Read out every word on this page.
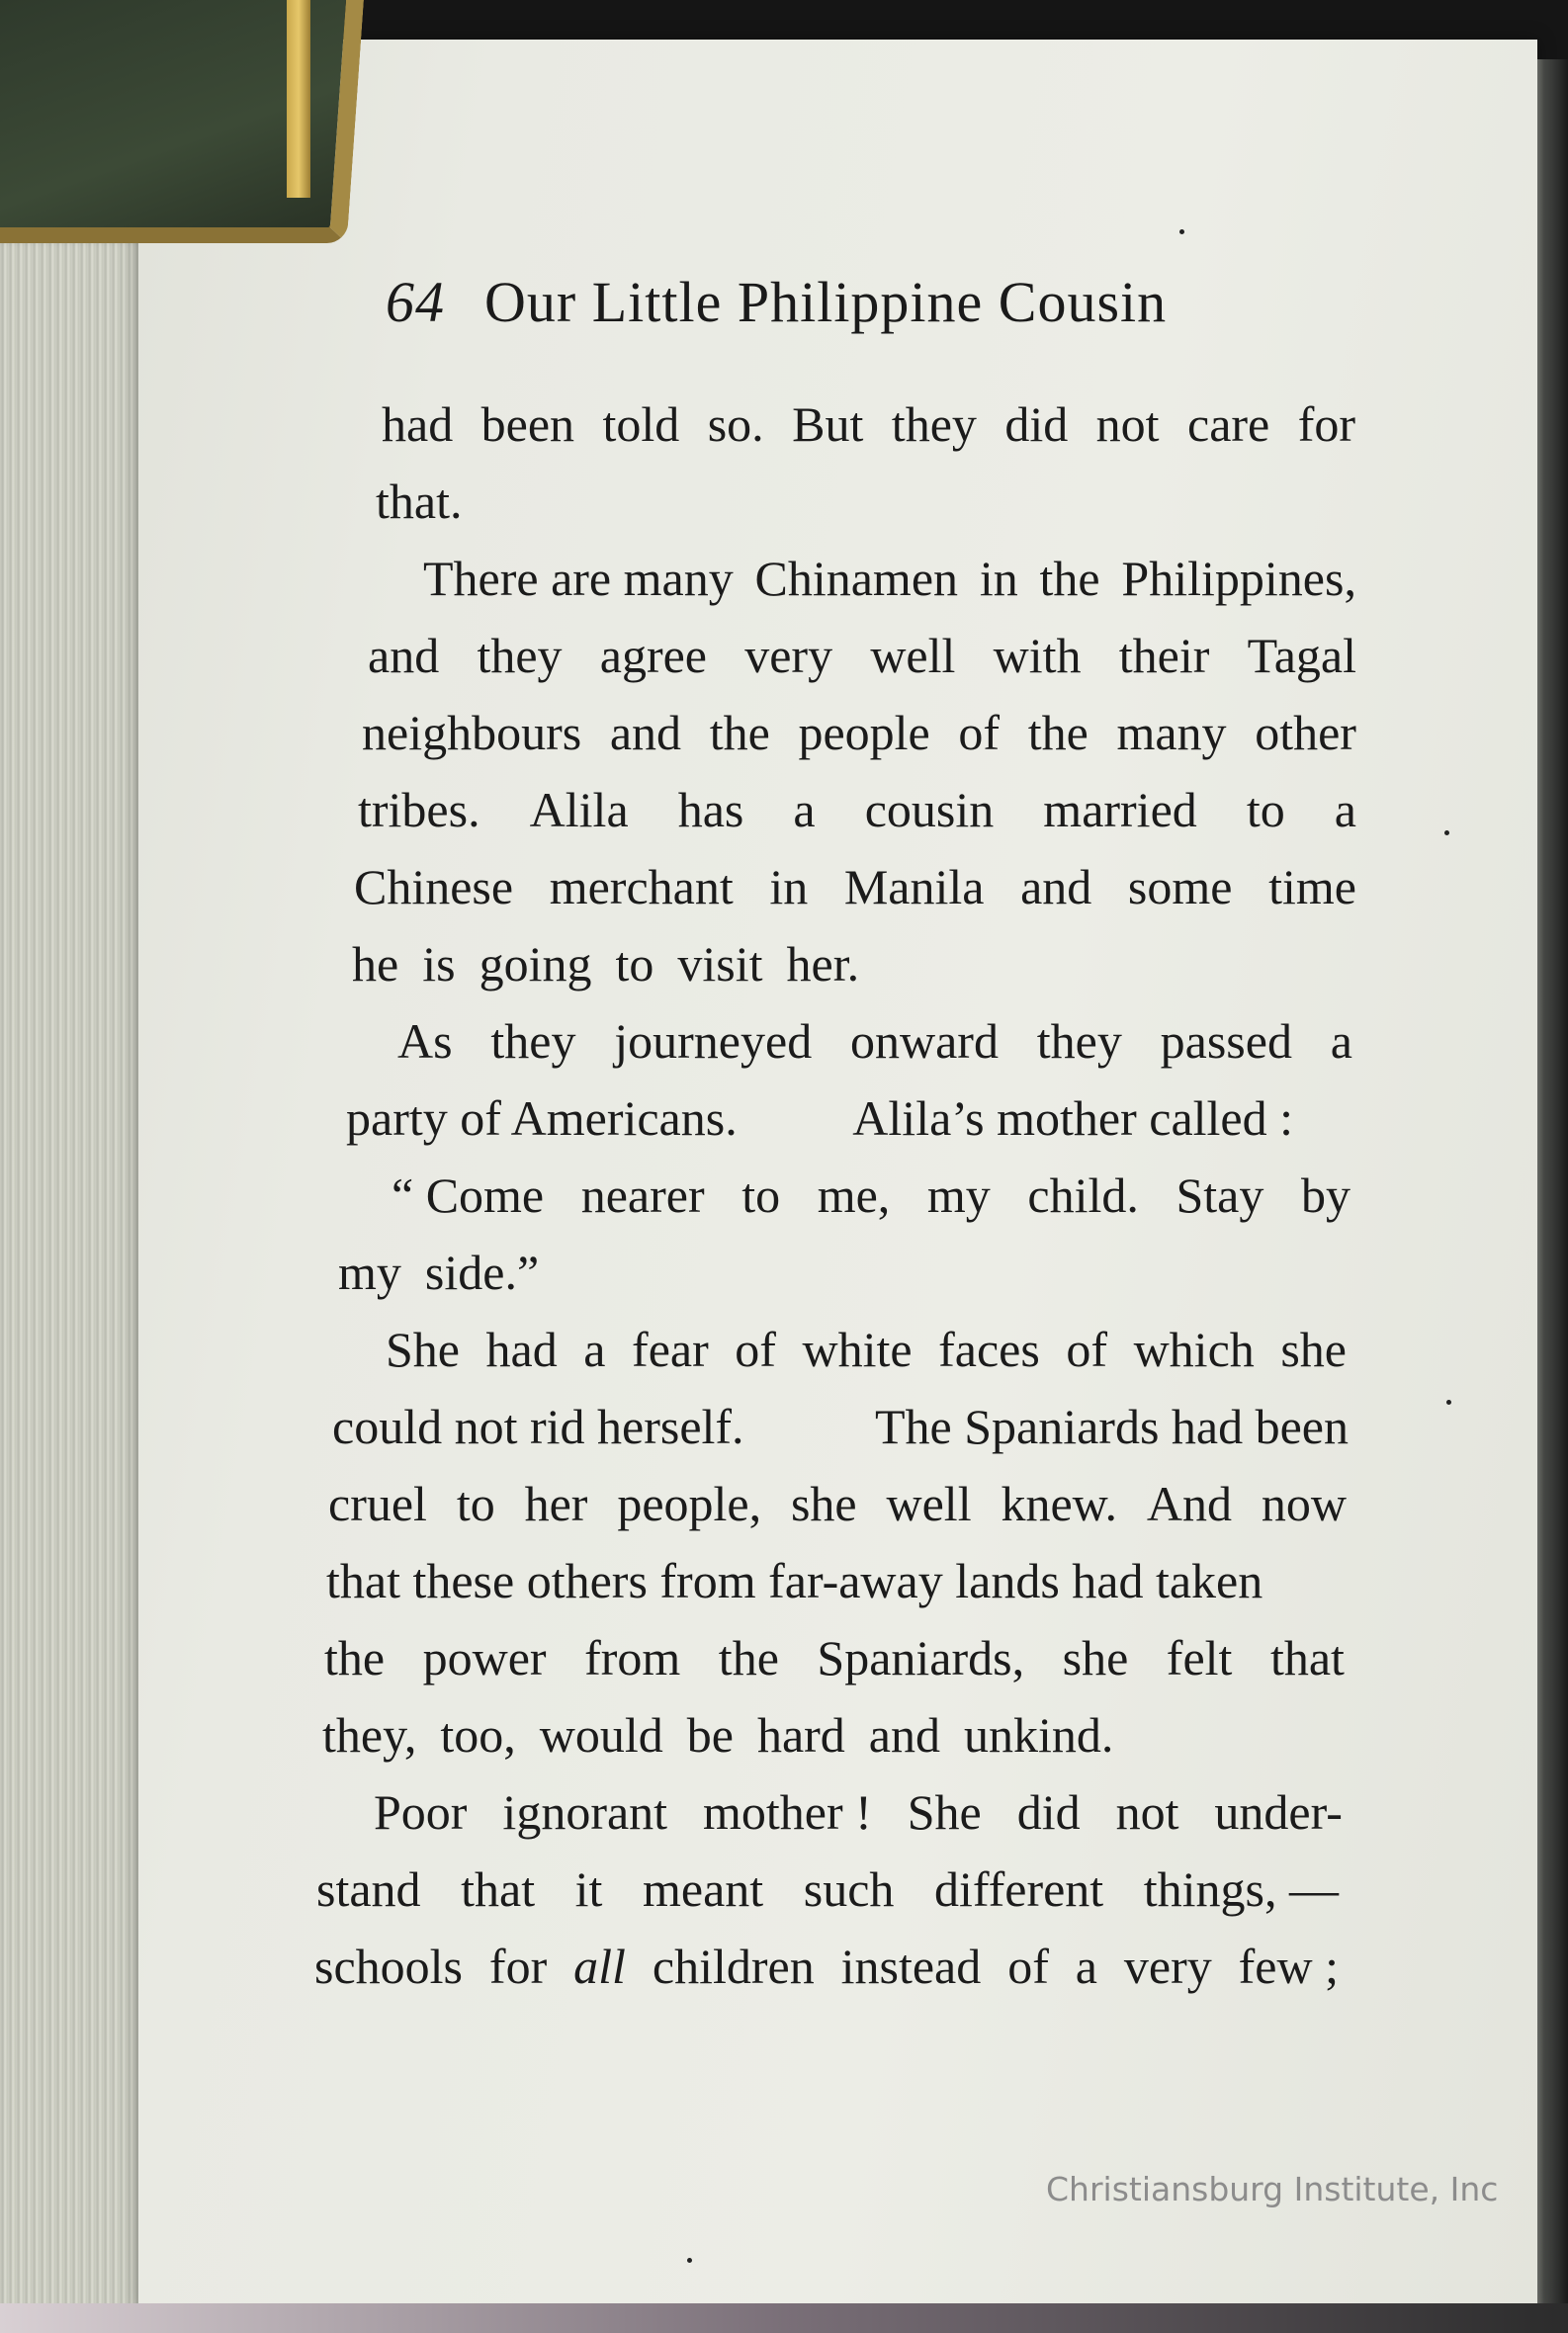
64 Our Little Philippine Cousin
had been told so. But they did not care for
that.
There are many Chinamen in the Philippines,
and they agree very well with their Tagal
neighbours and the people of the many other
tribes. Alila has a cousin married to a
Chinese merchant in Manila and some time
he is going to visit her.
As they journeyed onward they passed a
party of Americans. Alila’s mother called :
“ Come nearer to me, my child. Stay by
my side.”
She had a fear of white faces of which she
could not rid herself.	The Spaniards had been
cruel to her people, she well knew. And now
that these others from far-away lands had taken
the power from the Spaniards, she felt that
they, too, would be hard and unkind.
Poor ignorant mother ! She did not under-
stand that it meant such different things, —
schools for all children instead of a very few ;
Christiansburg Institute, Inc
